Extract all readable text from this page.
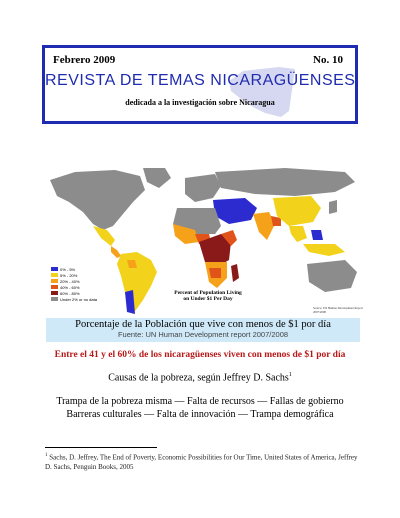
Febrero 2009	No. 10
REVISTA DE TEMAS NICARAGÜENSES
dedicada a la investigación sobre Nicaragua
0% - 5%
5% - 20%
20% - 40%
40% - 60%
60% - 80%
Under 2% or no data
Percent of Population Living on Under $1 Per Day
Source: UN Human Development Report 2007/2008
Porcentaje de la Población que vive con menos de $1 por día
Fuente: UN Human Development report 2007/2008
Entre el 41 y el 60% de los nicaragüenses viven con menos de $1 por día
Causas de la pobreza, según Jeffrey D. Sachs$^1$
Trampa de la pobreza misma — Falta de recursos — Fallas de gobierno
Barreras culturales — Falta de innovación — Trampa demográfica
$^1$ Sachs, D. Jeffrey, The End of Poverty, Economic Possibilities for Our Time, United States of America, Jeffrey D. Sachs, Penguin Books, 2005
